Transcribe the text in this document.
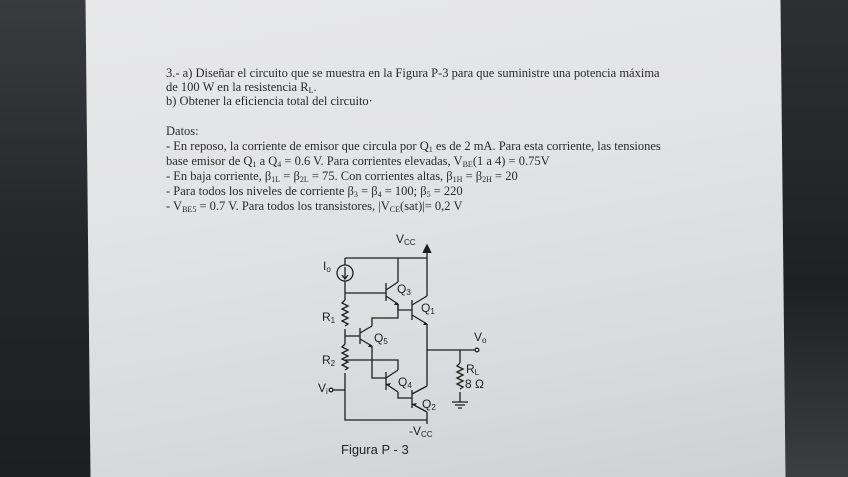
3.- a) Diseñar el circuito que se muestra en la Figura P-3 para que suministre una potencia máxima
de 100 W en la resistencia $R_L$.
b) Obtener la eficiencia total del circuito·
Datos:
- En reposo, la corriente de emisor que circula por $Q_1$ es de 2 mA. Para esta corriente, las tensiones
base emisor de $Q_1$ a $Q_4 = 0.6$ V. Para corrientes elevadas, $V_{BE}(1$ a 4) = 0.75V
- En baja corriente, $\beta_{1L} = \beta_{2L} = 75$. Con corrientes altas, $\beta_{1H} = \beta_{2H} = 20$
- Para todos los niveles de corriente $\beta_3 = \beta_4 = 100$; $\beta_5 = 220$
- $V_{BE5} = 0.7$ V. Para todos los transistores, $|V_{CE}(sat)|= 0,2$ V
$V_{CC}$
$I_o$
$Q_3$
$Q_1$
$R_1$
$Q_5$	$V_o$
$R_2$	$R_L$
8 Ω
$V_i$
$Q_4$
$Q_2$
$-V_{CC}$
Figura P - 3
